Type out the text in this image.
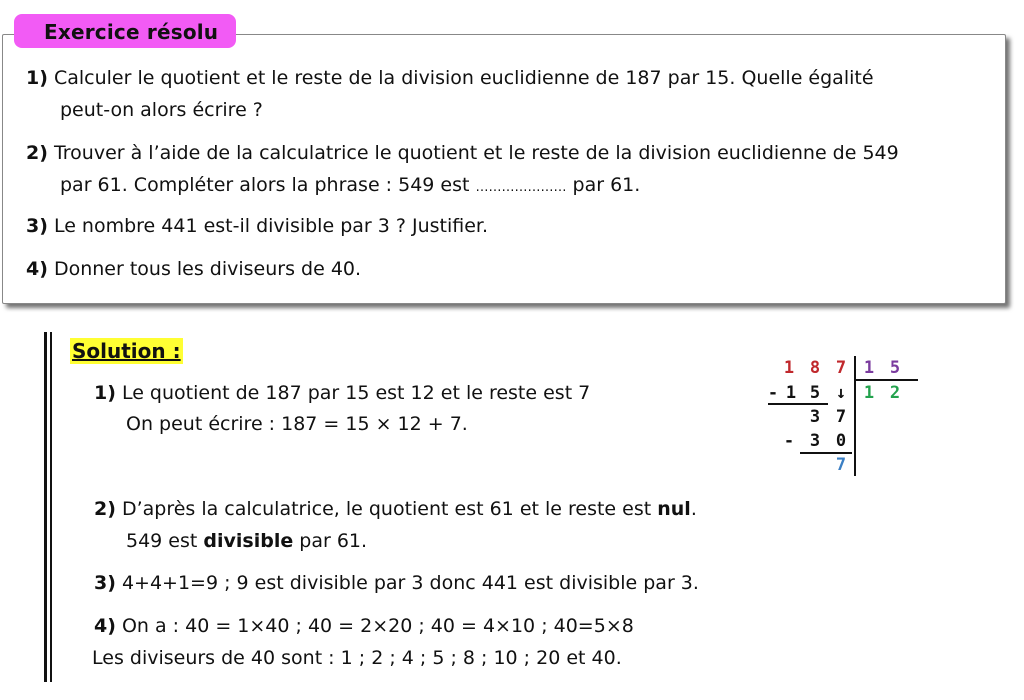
Exercice résolu
1) Calculer le quotient et le reste de la division euclidienne de 187 par 15. Quelle égalité
peut-on alors écrire ?
2) Trouver à l’aide de la calculatrice le quotient et le reste de la division euclidienne de 549
par 61. Compléter alors la phrase : 549 est ………………… par 61.
3) Le nombre 441 est-il divisible par 3 ? Justifier.
4) Donner tous les diviseurs de 40.
Solution :
1) Le quotient de 187 par 15 est 12 et le reste est 7
On peut écrire : 187 = 15 × 12 + 7.
2) D’après la calculatrice, le quotient est 61 et le reste est nul.
549 est divisible par 61.
3) 4+4+1=9 ; 9 est divisible par 3 donc 441 est divisible par 3.
4) On a : 40 = 1×40 ; 40 = 2×20 ; 40 = 4×10 ; 40=5×8
Les diviseurs de 40 sont : 1 ; 2 ; 4 ; 5 ; 8 ; 10 ; 20 et 40.
1 8 7 1 5
- 1 5 ↓ 1 2
3 7
- 3 0
7
